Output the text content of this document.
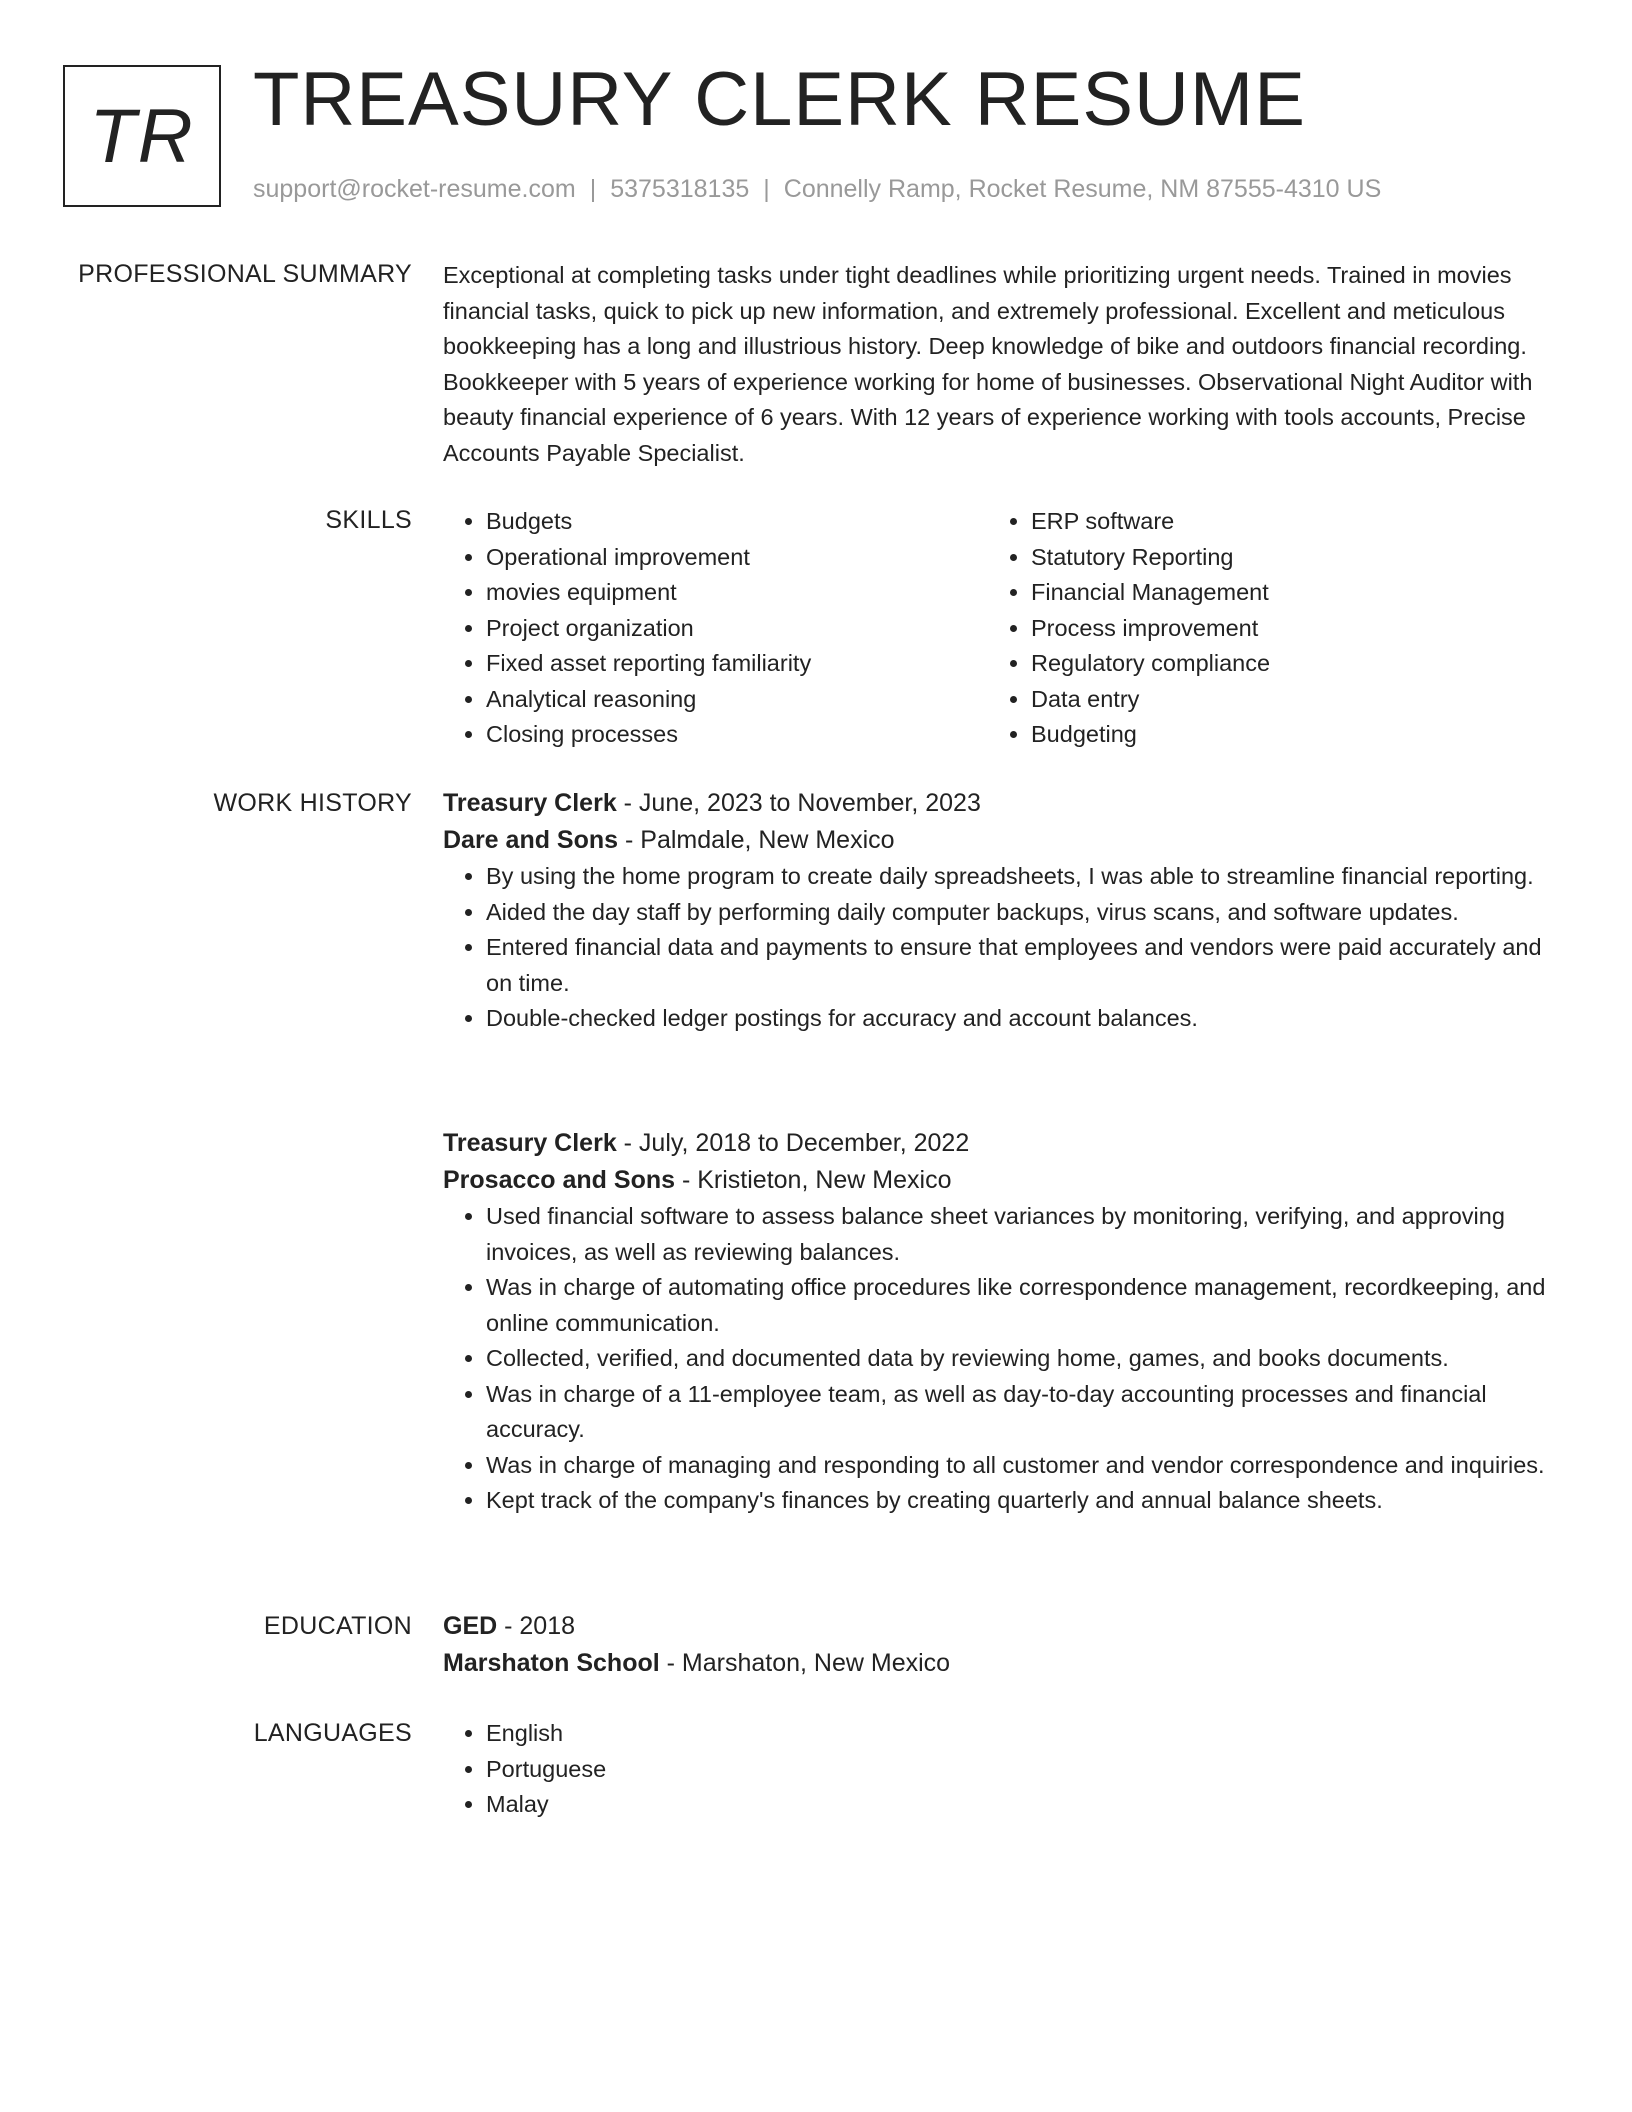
TR TREASURY CLERK RESUME
support@rocket-resume.com | 5375318135 | Connelly Ramp, Rocket Resume, NM 87555-4310 US
PROFESSIONAL SUMMARY Exceptional at completing tasks under tight deadlines while prioritizing urgent needs. Trained in movies financial tasks, quick to pick up new information, and extremely professional. Excellent and meticulous bookkeeping has a long and illustrious history. Deep knowledge of bike and outdoors financial recording. Bookkeeper with 5 years of experience working for home of businesses. Observational Night Auditor with beauty financial experience of 6 years. With 12 years of experience working with tools accounts, Precise Accounts Payable Specialist.

SKILLS	• Budgets
• Operational improvement
• movies equipment
• Project organization
• Fixed asset reporting familiarity
• Analytical reasoning
• Closing processes
• ERP software
• Statutory Reporting
• Financial Management
• Process improvement
• Regulatory compliance
• Data entry
• Budgeting
WORK HISTORY Treasury Clerk - June, 2023 to November, 2023
Dare and Sons - Palmdale, New Mexico
• By using the home program to create daily spreadsheets, I was able to streamline financial reporting.
• Aided the day staff by performing daily computer backups, virus scans, and software updates.
• Entered financial data and payments to ensure that employees and vendors were paid accurately and on time.
• Double-checked ledger postings for accuracy and account balances.
Treasury Clerk - July, 2018 to December, 2022
Prosacco and Sons - Kristieton, New Mexico
• Used financial software to assess balance sheet variances by monitoring, verifying, and approving invoices, as well as reviewing balances.
• Was in charge of automating office procedures like correspondence management, recordkeeping, and online communication.
• Collected, verified, and documented data by reviewing home, games, and books documents.
• Was in charge of a 11-employee team, as well as day-to-day accounting processes and financial accuracy.
• Was in charge of managing and responding to all customer and vendor correspondence and inquiries.
• Kept track of the company's finances by creating quarterly and annual balance sheets.
EDUCATION GED - 2018
Marshaton School - Marshaton, New Mexico
LANGUAGES	• English
• Portuguese
• Malay
